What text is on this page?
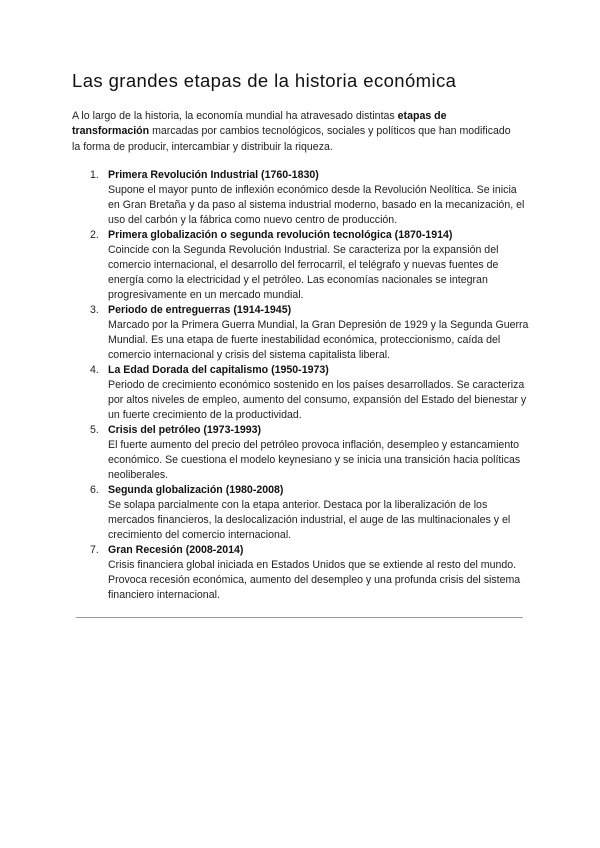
Las grandes etapas de la historia económica

A lo largo de la historia, la economía mundial ha atravesado distintas etapas de transformación marcadas por cambios tecnológicos, sociales y políticos que han modificado la forma de producir, intercambiar y distribuir la riqueza.

1. Primera Revolución Industrial (1760-1830)
Supone el mayor punto de inflexión económico desde la Revolución Neolítica. Se inicia en Gran Bretaña y da paso al sistema industrial moderno, basado en la mecanización, el uso del carbón y la fábrica como nuevo centro de producción.
2. Primera globalización o segunda revolución tecnológica (1870-1914)
Coincide con la Segunda Revolución Industrial. Se caracteriza por la expansión del comercio internacional, el desarrollo del ferrocarril, el telégrafo y nuevas fuentes de energía como la electricidad y el petróleo. Las economías nacionales se integran progresivamente en un mercado mundial.
3. Periodo de entreguerras (1914-1945)
Marcado por la Primera Guerra Mundial, la Gran Depresión de 1929 y la Segunda Guerra Mundial. Es una etapa de fuerte inestabilidad económica, proteccionismo, caída del comercio internacional y crisis del sistema capitalista liberal.
4. La Edad Dorada del capitalismo (1950-1973)
Periodo de crecimiento económico sostenido en los países desarrollados. Se caracteriza por altos niveles de empleo, aumento del consumo, expansión del Estado del bienestar y un fuerte crecimiento de la productividad.
5. Crisis del petróleo (1973-1993)
El fuerte aumento del precio del petróleo provoca inflación, desempleo y estancamiento económico. Se cuestiona el modelo keynesiano y se inicia una transición hacia políticas neoliberales.
6. Segunda globalización (1980-2008)
Se solapa parcialmente con la etapa anterior. Destaca por la liberalización de los mercados financieros, la deslocalización industrial, el auge de las multinacionales y el crecimiento del comercio internacional.
7. Gran Recesión (2008-2014)
Crisis financiera global iniciada en Estados Unidos que se extiende al resto del mundo. Provoca recesión económica, aumento del desempleo y una profunda crisis del sistema financiero internacional.
